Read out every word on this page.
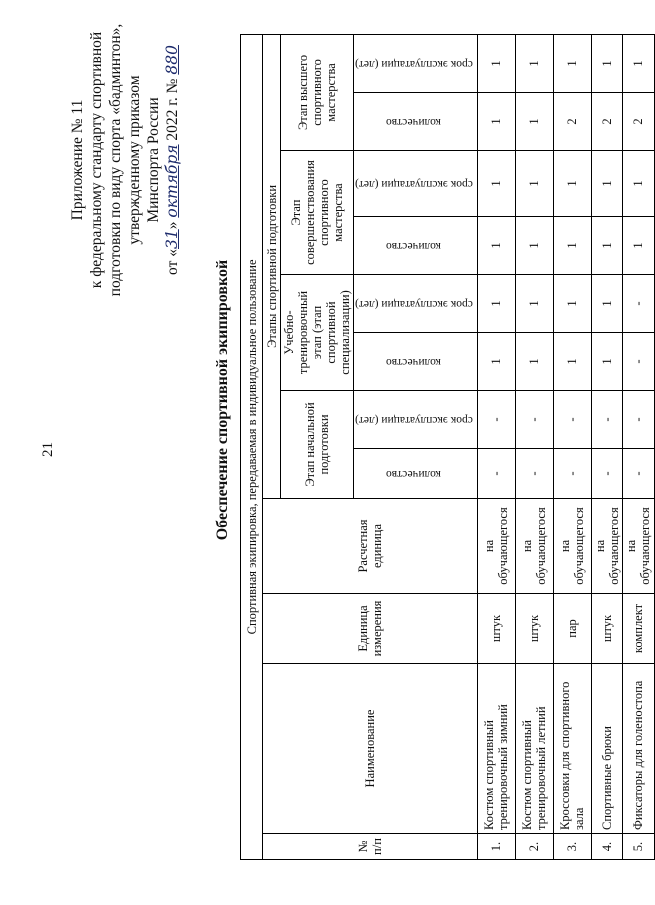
21
Приложение № 11 к федеральному стандарту спортивной подготовки по виду спорта «бадминтон», утвержденному приказом Минспорта России
от «31» октября 2022 г. № 880
Обеспечение спортивной экипировкой Спортивная экипировка, передаваемая в индивидуальное пользование											
№ п/п	Наименование	Единица измерения	Расчетная единица	Этапы спортивной подготовки							
				Этап начальной подготовки		Учебно-тренировочный этап (этап спортивной специализации)		Этап совершенствования спортивного мастерства		Этап высшего спортивного мастерства	
				количество	срок эксплуатации (лет)	количество	срок эксплуатации (лет)	количество	срок эксплуатации (лет)	количество	срок эксплуатации (лет)
1.	Костюм спортивный тренировочный зимний	штук	на обучающегося	-	-	1	1	1	1	1	1
2.	Костюм спортивный тренировочный летний	штук	на обучающегося	-	-	1	1	1	1	1	1
3.	Кроссовки для спортивного зала	пар	на обучающегося	-	-	1	1	1	1	2	1
4.	Спортивные брюки	штук	на обучающегося	-	-	1	1	1	1	2	1
5.	Фиксаторы для голеностопа	комплект	на обучающегося	-	-	-	-	1	1	2	1
